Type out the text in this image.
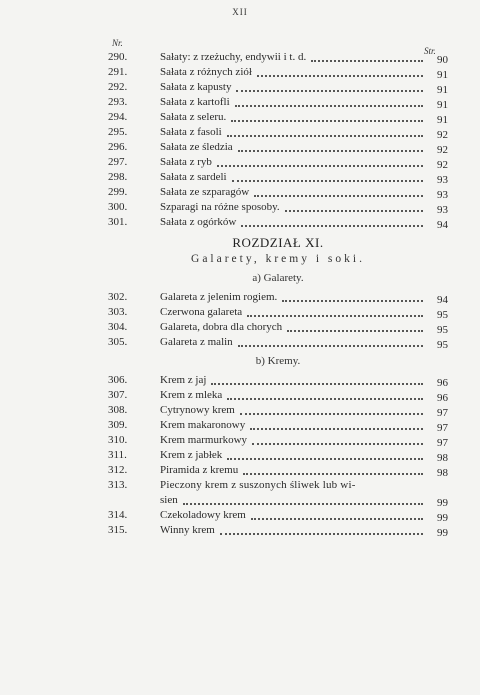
XII
Nr.
Str.
290.	Sałaty: z rzeżuchy, endywii i t. d.	90
291.	Sałata z różnych ziół	91
292.	Sałata z kapusty	91
293.	Sałata z kartofli	91
294.	Sałata z seleru.	91
295.	Sałata z fasoli	92
296.	Sałata ze śledzia	92
297.	Sałata z ryb	92
298.	Sałata z sardeli	93
299.	Sałata ze szparagów	93
300.	Szparagi na różne sposoby.	93
301.	Sałata z ogórków	94
ROZDZIAŁ XI.
Galarety, kremy i soki.
a) Galarety.
302.	Galareta z jelenim rogiem.	94
303.	Czerwona galareta	95
304.	Galareta, dobra dla chorych	95
305.	Galareta z malin	95
b) Kremy.
306.	Krem z jaj	96
307.	Krem z mleka	96
308.	Cytrynowy krem	97
309.	Krem makaronowy	97
310.	Krem marmurkowy	97
311.	Krem z jabłek	98
312.	Piramida z kremu	98
313.	Pieczony krem z suszonych śliwek lub wi-
sien	99
314.	Czekoladowy krem	99
315.	Winny krem	99
